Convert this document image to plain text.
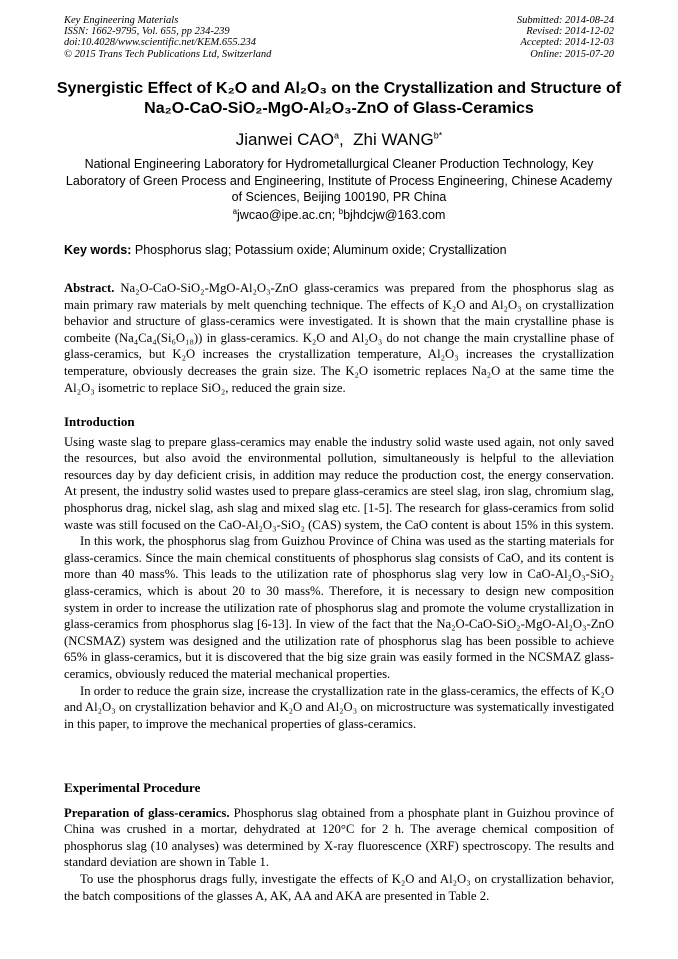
Key Engineering Materials
ISSN: 1662-9795, Vol. 655, pp 234-239
doi:10.4028/www.scientific.net/KEM.655.234
© 2015 Trans Tech Publications Ltd, Switzerland
Submitted: 2014-08-24
Revised: 2014-12-02
Accepted: 2014-12-03
Online: 2015-07-20
Synergistic Effect of K₂O and Al₂O₃ on the Crystallization and Structure of
Na₂O-CaO-SiO₂-MgO-Al₂O₃-ZnO of Glass-Ceramics
Jianwei CAO$^a$,  Zhi $WANG^{b*}$
National Engineering Laboratory for Hydrometallurgical Cleaner Production Technology, Key Laboratory of Green Process and Engineering, Institute of Process Engineering, Chinese Academy of Sciences, Beijing 100190, PR China
$^a$jwcao@ipe.ac.cn; $^b$bjhdcjw@163.com
Key words: Phosphorus slag; Potassium oxide; Aluminum oxide; Crystallization

Abstract. Na₂O-CaO-SiO₂-MgO-Al₂O₃-ZnO glass-ceramics was prepared from the phosphorus slag as main primary raw materials by melt quenching technique. The effects of K₂O and Al₂O₃ on crystallization behavior and structure of glass-ceramics were investigated. It is shown that the main crystalline phase is combeite (Na₄Ca₄(Si₆O₁₈)) in glass-ceramics. K₂O and Al₂O₃ do not change the main crystalline phase of glass-ceramics, but K₂O increases the crystallization temperature, Al₂O₃ increases the crystallization temperature, obviously decreases the grain size. The K₂O isometric replaces Na₂O at the same time the Al₂O₃ isometric to replace SiO₂, reduced the grain size.

Introduction

Using waste slag to prepare glass-ceramics may enable the industry solid waste used again, not only saved the resources, but also avoid the environmental pollution, simultaneously is helpful to the alleviation resources day by day deficient crisis, in addition may reduce the production cost, the energy conservation. At present, the industry solid wastes used to prepare glass-ceramics are steel slag, iron slag, chromium slag, phosphorus drag, nickel slag, ash slag and mixed slag etc. [1-5]. The research for glass-ceramics from solid waste was still focused on the CaO-Al₂O₃-SiO₂ (CAS) system, the CaO content is about 15% in this system.

In this work, the phosphorus slag from Guizhou Province of China was used as the starting materials for glass-ceramics. Since the main chemical constituents of phosphorus slag consists of CaO, and its content is more than 40 mass%. This leads to the utilization rate of phosphorus slag very low in CaO-Al₂O₃-SiO₂ glass-ceramics, which is about 20 to 30 mass%. Therefore, it is necessary to design new composition system in order to increase the utilization rate of phosphorus slag and promote the volume crystallization in glass-ceramics from phosphorus slag [6-13]. In view of the fact that the Na₂O-CaO-SiO₂-MgO-Al₂O₃-ZnO (NCSMAZ) system was designed and the utilization rate of phosphorus slag has been possible to achieve 65% in glass-ceramics, but it is discovered that the big size grain was easily formed in the NCSMAZ glass-ceramics, obviously reduced the material mechanical properties.

In order to reduce the grain size, increase the crystallization rate in the glass-ceramics, the effects of K₂O and Al₂O₃ on crystallization behavior and K₂O and Al₂O₃ on microstructure was systematically investigated in this paper, to improve the mechanical properties of glass-ceramics.

Experimental Procedure

Preparation of glass-ceramics. Phosphorus slag obtained from a phosphate plant in Guizhou province of China was crushed in a mortar, dehydrated at 120°C for 2 h. The average chemical composition of phosphorus slag (10 analyses) was determined by X-ray fluorescence (XRF) spectroscopy. The results and standard deviation are shown in Table 1.

To use the phosphorus drags fully, investigate the effects of K₂O and Al₂O₃ on crystallization behavior, the batch compositions of the glasses A, AK, AA and AKA are presented in Table 2.
